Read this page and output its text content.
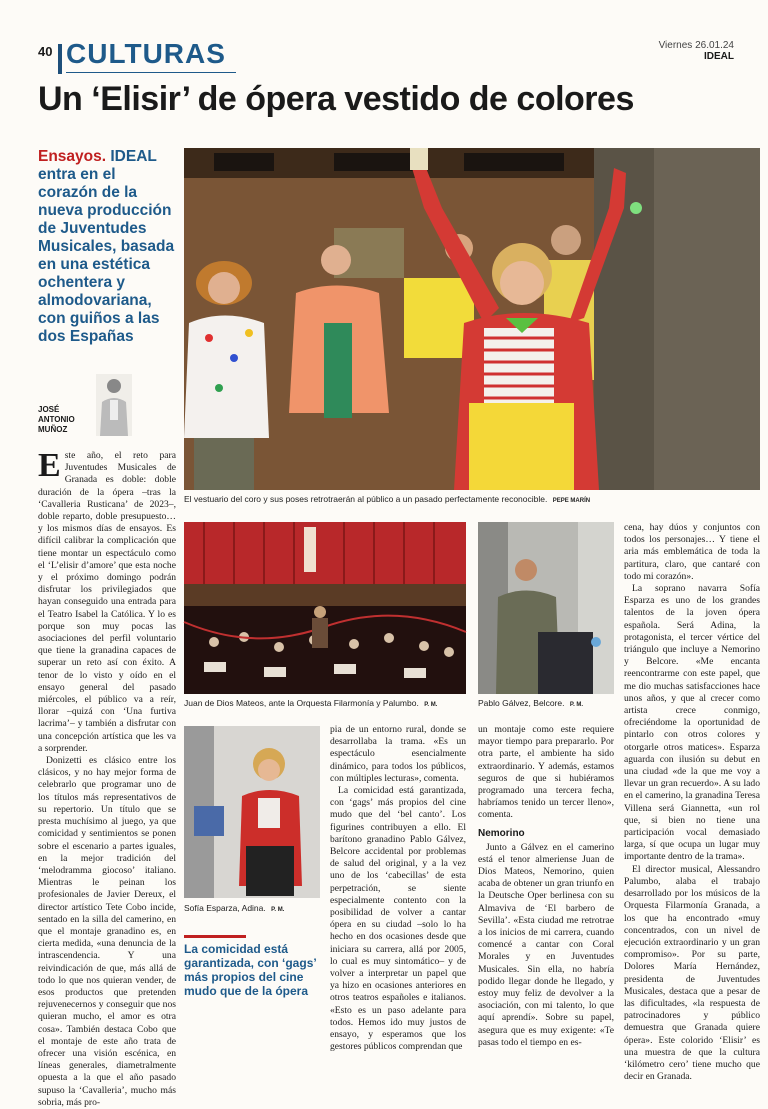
40 CULTURAS	Viernes 26.01.24
IDEAL
Un ‘Elisir’ de ópera vestido de colores
Ensayos. IDEAL entra en el corazón de la nueva producción de Juventudes Musicales, basada en una estética ochentera y almodovariana, con guiños a las dos Españas
JOSÉ
ANTONIO
MUÑOZ
El vestuario del coro y sus poses retrotraerán al público a un pasado perfectamente reconocible. PEPE MARÍN
Juan de Dios Mateos, ante la Orquesta Filarmonía y Palumbo. P. M.	Pablo Gálvez, Belcore. P. M.
Sofía Esparza, Adina. P. M.
La comicidad está garantizada, con ‘gags’ más propios del cine mudo que de la ópera

Este año, el reto para Juventudes Musicales de Granada es doble: doble duración de la ópera –tras la ‘Cavalleria Rusticana’ de 2023–, doble reparto, doble presupuesto… y los mismos días de ensayos. Es difícil calibrar la complicación que tiene montar un espectáculo como el ‘L’elisir d’amore’ que esta noche y el próximo domingo podrán disfrutar los privilegiados que hayan conseguido una entrada para el Teatro Isabel la Católica. Y lo es porque son muy pocas las asociaciones del perfil voluntario que tiene la granadina capaces de superar un reto así con éxito. A tenor de lo visto y oído en el ensayo general del pasado miércoles, el público va a reír, llorar –quizá con ‘Una furtiva lacrima’– y también a disfrutar con una concepción artística que les va a sorprender.

Donizetti es clásico entre los clásicos, y no hay mejor forma de celebrarlo que programar uno de los títulos más representativos de su repertorio. Un título que se presta muchísimo al juego, ya que comicidad y sentimientos se ponen sobre el escenario a partes iguales, en la mejor tradición del ‘melodramma giocoso’ italiano. Mientras le peinan los profesionales de Javier Dereux, el director artístico Tete Cobo incide, sentado en la silla del camerino, en que el montaje granadino es, en cierta medida, «una denuncia de la intrascendencia. Y una reivindicación de que, más allá de todo lo que nos quieran vender, de esos productos que pretenden rejuvenecernos y conseguir que nos quieran mucho, el amor es otra cosa». También destaca Cobo que el montaje de este año trata de ofrecer una visión escénica, en líneas generales, diametralmente opuesta a la que el año pasado supuso la ‘Cavalleria’, mucho más sobria, más pro-

pia de un entorno rural, donde se desarrollaba la trama. «Es un espectáculo esencialmente dinámico, para todos los públicos, con múltiples lecturas», comenta.

La comicidad está garantizada, con ‘gags’ más propios del cine mudo que del ‘bel canto’. Los figurines contribuyen a ello. El barítono granadino Pablo Gálvez, Belcore accidental por problemas de salud del original, y a la vez uno de los ‘cabecillas’ de esta perpetración, se siente especialmente contento con la posibilidad de volver a cantar ópera en su ciudad –solo lo ha hecho en dos ocasiones desde que iniciara su carrera, allá por 2005, lo cual es muy sintomático– y de volver a interpretar un papel que ya hizo en ocasiones anteriores en otros teatros españoles e italianos. «Esto es un paso adelante para todos. Hemos ido muy justos de ensayo, y esperamos que los gestores públicos comprendan que

un montaje como este requiere mayor tiempo para prepararlo. Por otra parte, el ambiente ha sido extraordinario. Y además, estamos seguros de que si hubiéramos programado una tercera fecha, habríamos tenido un tercer lleno», comenta.

Nemorino

Junto a Gálvez en el camerino está el tenor almeriense Juan de Dios Mateos, Nemorino, quien acaba de obtener un gran triunfo en la Deutsche Oper berlinesa con su Almaviva de ‘El barbero de Sevilla’. «Esta ciudad me retrotrae a los inicios de mi carrera, cuando comencé a cantar con Coral Morales y en Juventudes Musicales. Sin ella, no habría podido llegar donde he llegado, y estoy muy feliz de devolver a la asociación, con mi talento, lo que aquí aprendí». Sobre su papel, asegura que es muy exigente: «Te pasas todo el tiempo en es-

cena, hay dúos y conjuntos con todos los personajes… Y tiene el aria más emblemática de toda la partitura, claro, que cantaré con todo mi corazón».

La soprano navarra Sofía Esparza es uno de los grandes talentos de la joven ópera española. Será Adina, la protagonista, el tercer vértice del triángulo que incluye a Nemorino y Belcore. «Me encanta reencontrarme con este papel, que me dio muchas satisfacciones hace unos años, y que al crecer como artista crece conmigo, ofreciéndome la oportunidad de pintarlo con otros colores y otorgarle otros matices». Esparza aguarda con ilusión su debut en una ciudad «de la que me voy a llevar un gran recuerdo». A su lado en el camerino, la granadina Teresa Villena será Giannetta, «un rol que, si bien no tiene una participación vocal demasiado larga, sí que ocupa un lugar muy importante dentro de la trama».

El director musical, Alessandro Palumbo, alaba el trabajo desarrollado por los músicos de la Orquesta Filarmonía Granada, a los que ha encontrado «muy concentrados, con un nivel de ejecución extraordinario y un gran compromiso». Por su parte, Dolores María Hernández, presidenta de Juventudes Musicales, destaca que a pesar de las dificultades, «la respuesta de patrocinadores y público demuestra que Granada quiere ópera». Este colorido ‘Elisir’ es una muestra de que la cultura ‘kilómetro cero’ tiene mucho que decir en Granada.
